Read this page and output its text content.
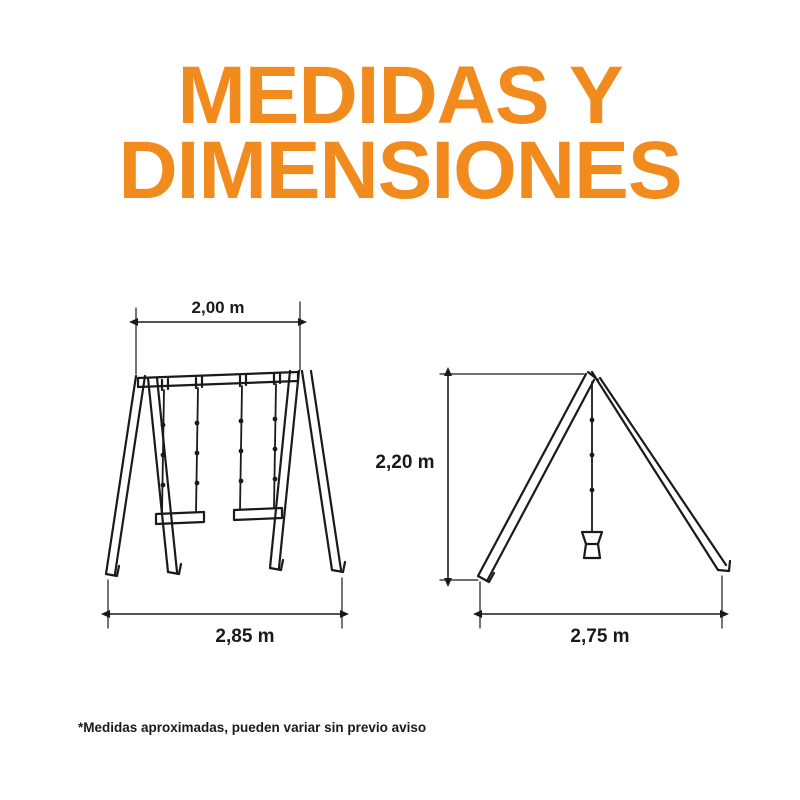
MEDIDAS Y
DIMENSIONES
2,00 m
2,85 m
2,20 m
2,75 m
*Medidas aproximadas, pueden variar sin previo aviso
